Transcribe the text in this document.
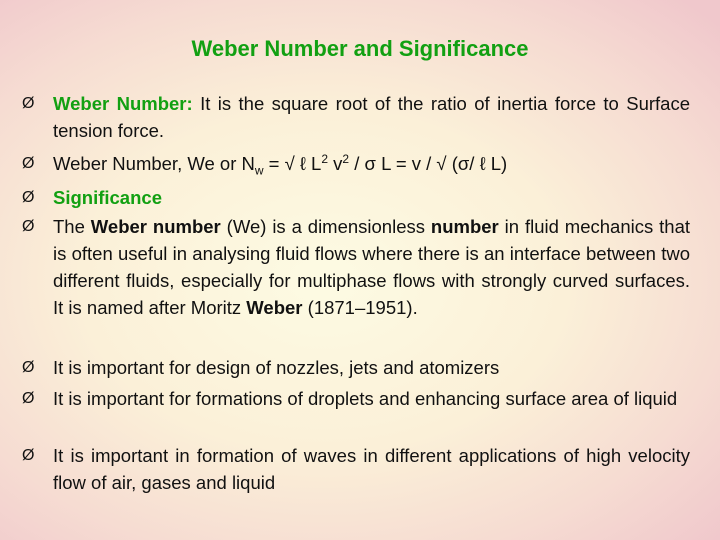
Weber Number and Significance
Ø Weber Number: It is the square root of the ratio of inertia force to Surface tension force.
Ø Weber Number, We or $N_w$ = √ ℓ $L^2$ $v^2$ / σ L = v / √ (σ/ ℓ L)
Ø Significance
Ø The Weber number (We) is a dimensionless number in fluid mechanics that is often useful in analysing fluid flows where there is an interface between two different fluids, especially for multiphase flows with strongly curved surfaces. It is named after Moritz Weber (1871–1951).
Ø It is important for design of nozzles, jets and atomizers
Ø It is important for formations of droplets and enhancing surface area of liquid
Ø It is important in formation of waves in different applications of high velocity flow of air, gases and liquid
